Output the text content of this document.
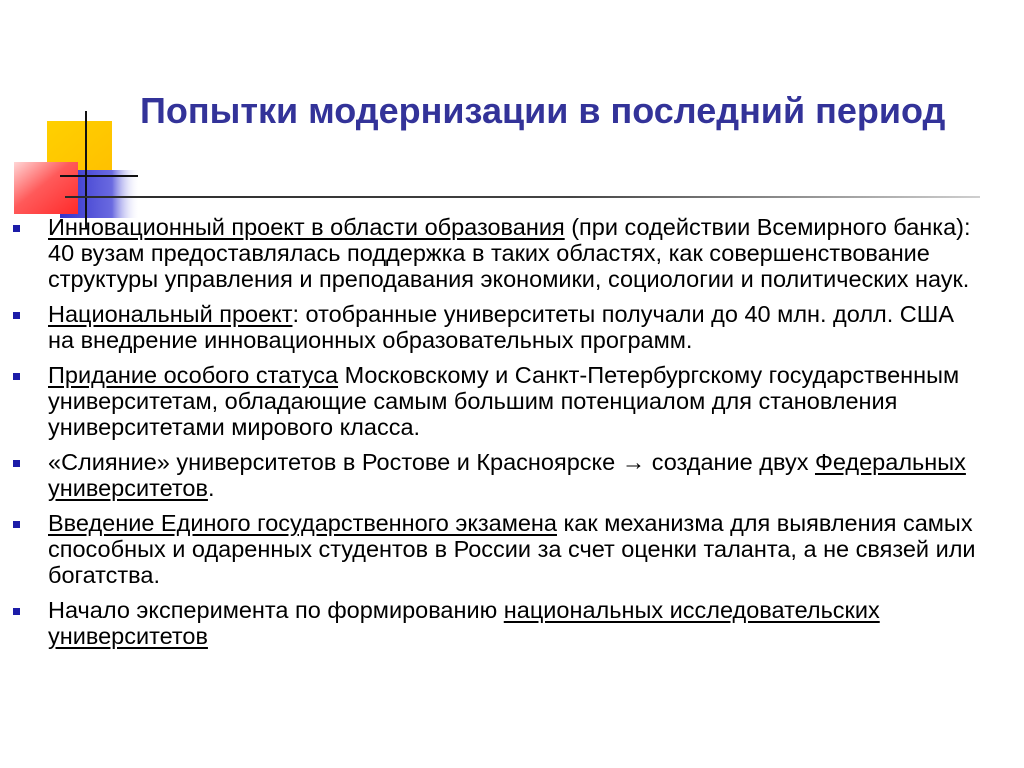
Попытки модернизации в последний период
Инновационный проект в области образования (при содействии Всемирного банка): 40 вузам предоставлялась поддержка в таких областях, как совершенствование структуры управления и преподавания экономики, социологии и политических наук.
Национальный проект: отобранные университеты получали до 40 млн. долл. США на внедрение инновационных образовательных программ.
Придание особого статуса Московскому и Санкт-Петербургскому государственным университетам, обладающие самым большим потенциалом для становления университетами мирового класса.
«Слияние» университетов в Ростове и Красноярске → создание двух Федеральных университетов.
Введение Единого государственного экзамена как механизма для выявления самых способных и одаренных студентов в России за счет оценки таланта, а не связей или богатства.
Начало эксперимента по формированию национальных исследовательских университетов
